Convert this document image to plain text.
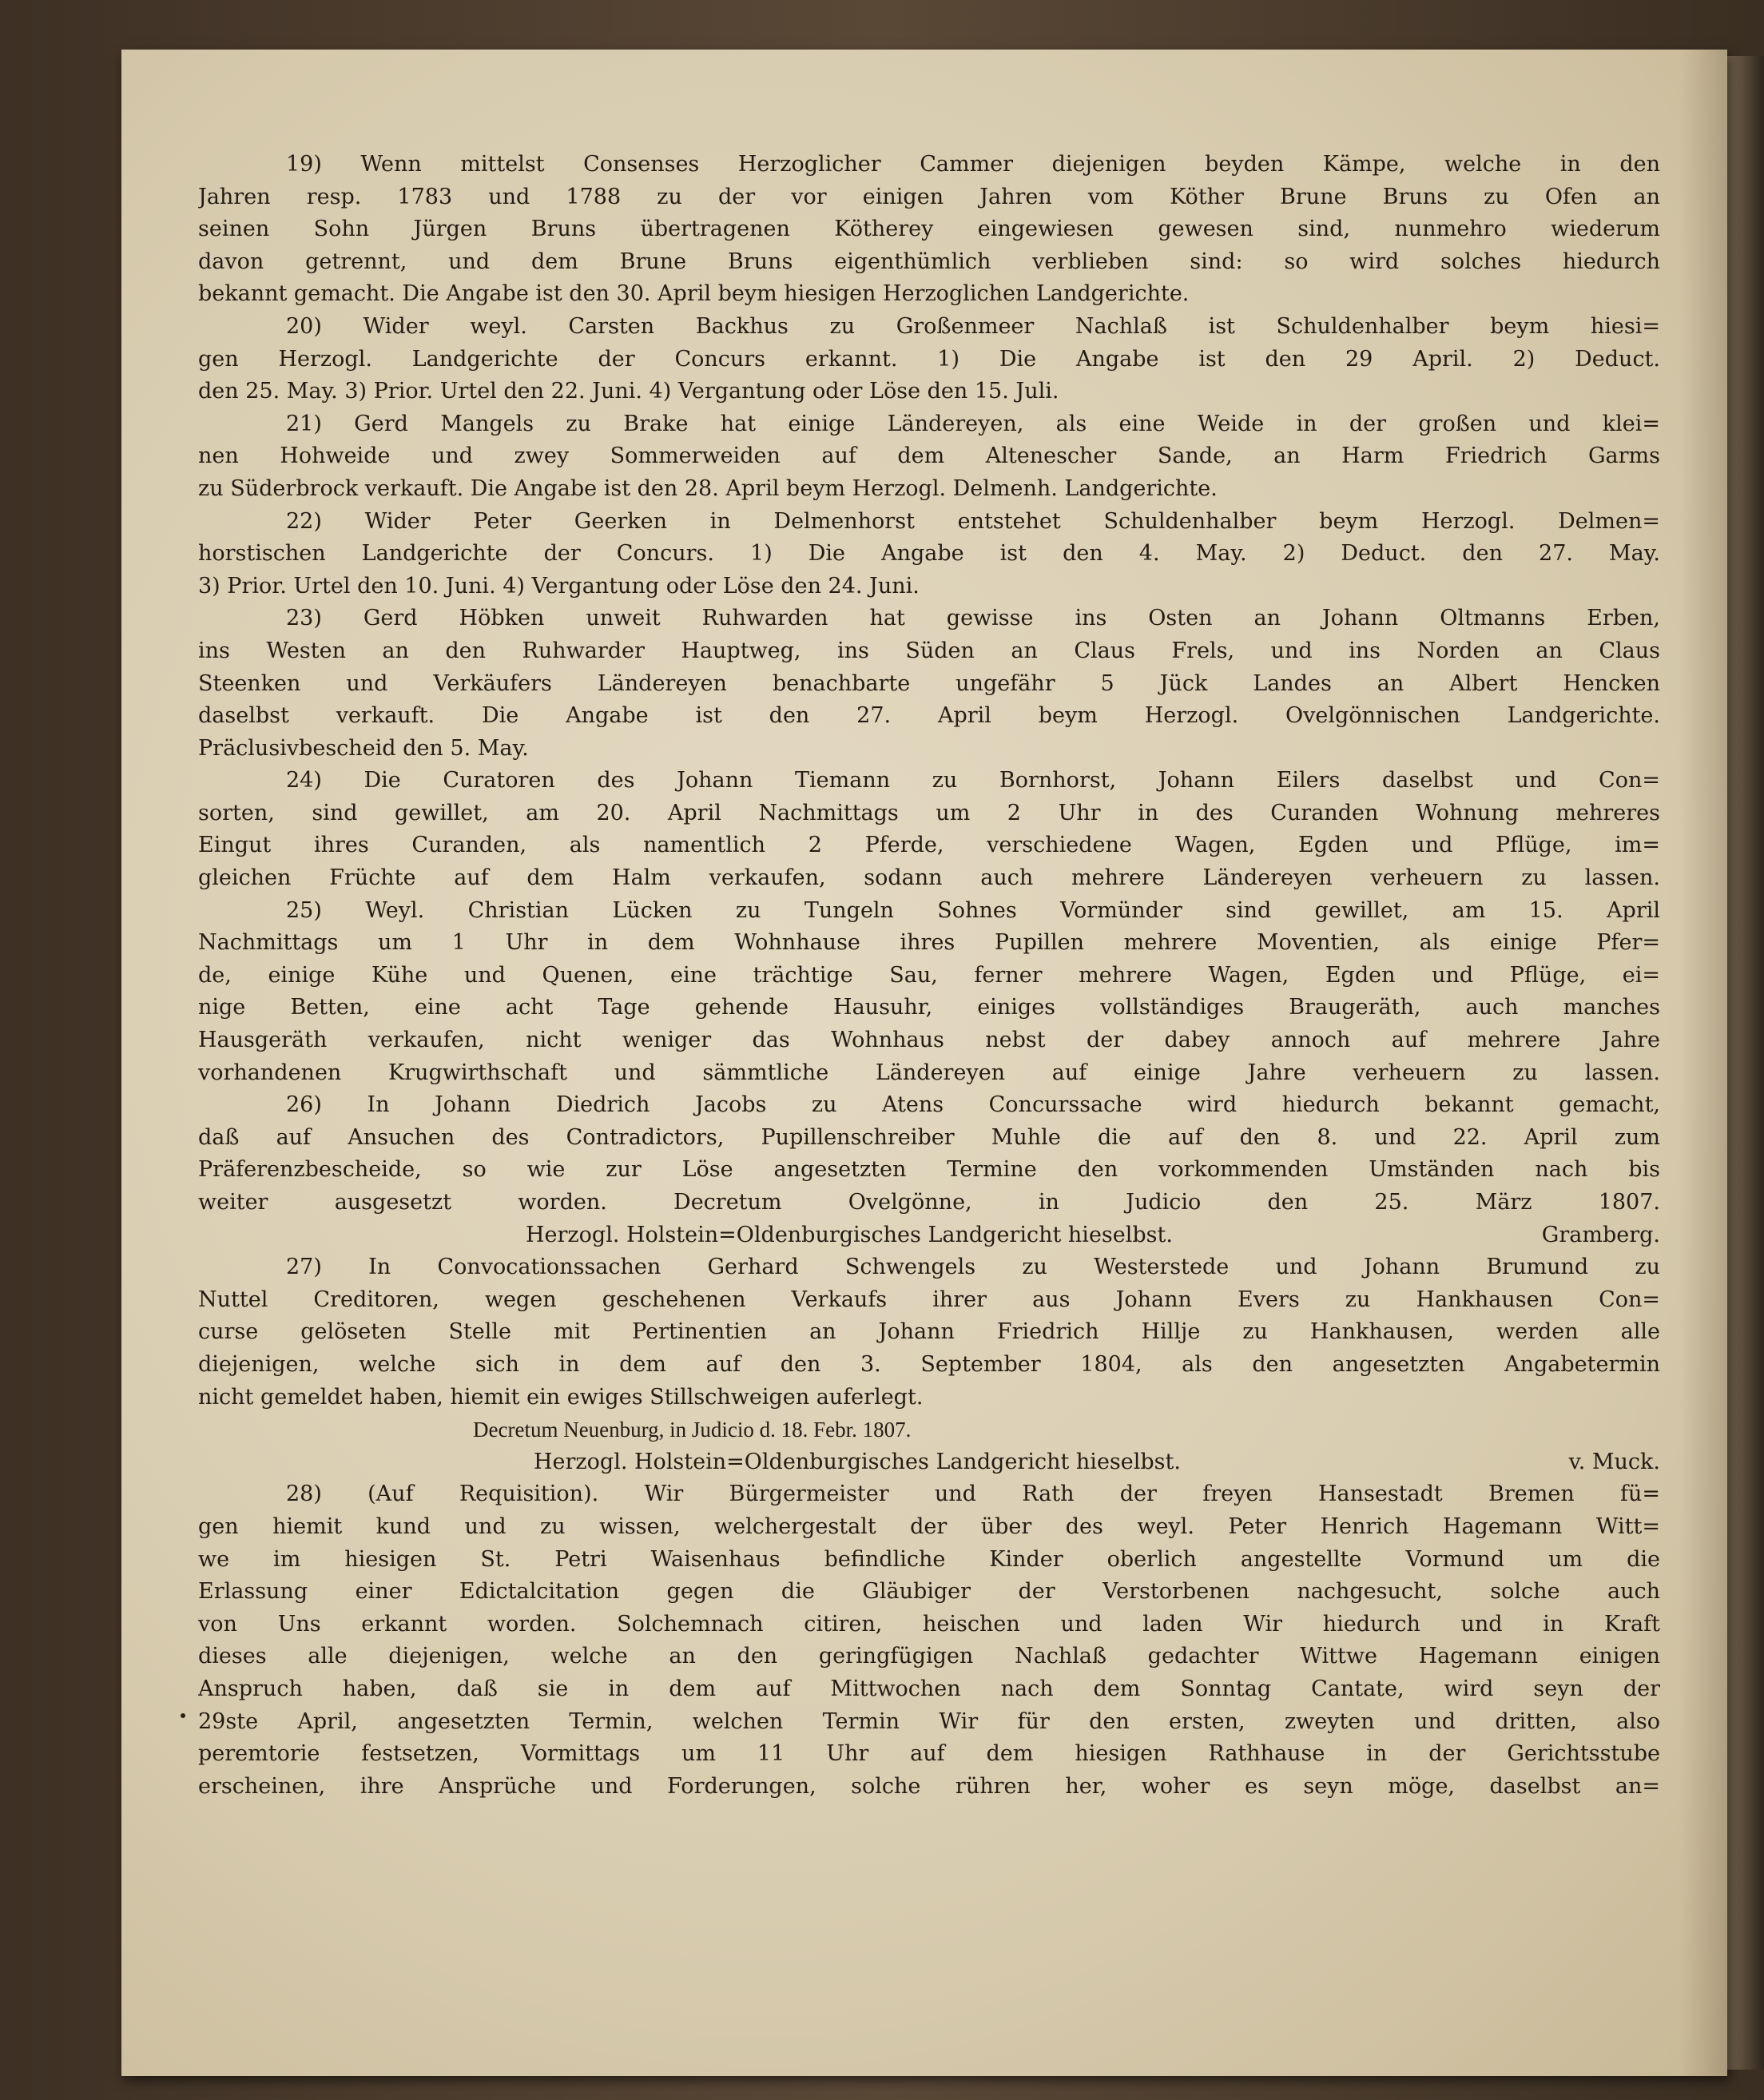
19) Wenn mittelst Consenses Herzoglicher Cammer diejenigen beyden Kämpe, welche in den
Jahren resp. 1783 und 1788 zu der vor einigen Jahren vom Köther Brune Bruns zu Ofen an
seinen Sohn Jürgen Bruns übertragenen Kötherey eingewiesen gewesen sind, nunmehro wiederum
davon getrennt, und dem Brune Bruns eigenthümlich verblieben sind: so wird solches hiedurch
bekannt gemacht. Die Angabe ist den 30. April beym hiesigen Herzoglichen Landgerichte.
20) Wider weyl. Carsten Backhus zu Großenmeer Nachlaß ist Schuldenhalber beym hiesi=
gen Herzogl. Landgerichte der Concurs erkannt. 1) Die Angabe ist den 29 April. 2) Deduct.
den 25. May. 3) Prior. Urtel den 22. Juni. 4) Vergantung oder Löse den 15. Juli.
21) Gerd Mangels zu Brake hat einige Ländereyen, als eine Weide in der großen und klei=
nen Hohweide und zwey Sommerweiden auf dem Altenescher Sande, an Harm Friedrich Garms
zu Süderbrock verkauft. Die Angabe ist den 28. April beym Herzogl. Delmenh. Landgerichte.
22) Wider Peter Geerken in Delmenhorst entstehet Schuldenhalber beym Herzogl. Delmen=
horstischen Landgerichte der Concurs. 1) Die Angabe ist den 4. May. 2) Deduct. den 27. May.
3) Prior. Urtel den 10. Juni. 4) Vergantung oder Löse den 24. Juni.
23) Gerd Höbken unweit Ruhwarden hat gewisse ins Osten an Johann Oltmanns Erben,
ins Westen an den Ruhwarder Hauptweg, ins Süden an Claus Frels, und ins Norden an Claus
Steenken und Verkäufers Ländereyen benachbarte ungefähr 5 Jück Landes an Albert Hencken
daselbst verkauft. Die Angabe ist den 27. April beym Herzogl. Ovelgönnischen Landgerichte.
Präclusivbescheid den 5. May.
24) Die Curatoren des Johann Tiemann zu Bornhorst, Johann Eilers daselbst und Con=
sorten, sind gewillet, am 20. April Nachmittags um 2 Uhr in des Curanden Wohnung mehreres
Eingut ihres Curanden, als namentlich 2 Pferde, verschiedene Wagen, Egden und Pflüge, im=
gleichen Früchte auf dem Halm verkaufen, sodann auch mehrere Ländereyen verheuern zu lassen.
25) Weyl. Christian Lücken zu Tungeln Sohnes Vormünder sind gewillet, am 15. April
Nachmittags um 1 Uhr in dem Wohnhause ihres Pupillen mehrere Moventien, als einige Pfer=
de, einige Kühe und Quenen, eine trächtige Sau, ferner mehrere Wagen, Egden und Pflüge, ei=
nige Betten, eine acht Tage gehende Hausuhr, einiges vollständiges Braugeräth, auch manches
Hausgeräth verkaufen, nicht weniger das Wohnhaus nebst der dabey annoch auf mehrere Jahre
vorhandenen Krugwirthschaft und sämmtliche Ländereyen auf einige Jahre verheuern zu lassen.
26) In Johann Diedrich Jacobs zu Atens Concurssache wird hiedurch bekannt gemacht,
daß auf Ansuchen des Contradictors, Pupillenschreiber Muhle die auf den 8. und 22. April zum
Präferenzbescheide, so wie zur Löse angesetzten Termine den vorkommenden Umständen nach bis
weiter ausgesetzt worden. Decretum Ovelgönne, in Judicio den 25. März 1807.
Herzogl. Holstein=Oldenburgisches Landgericht hieselbst.	Gramberg.
27) In Convocationssachen Gerhard Schwengels zu Westerstede und Johann Brumund zu
Nuttel Creditoren, wegen geschehenen Verkaufs ihrer aus Johann Evers zu Hankhausen Con=
curse gelöseten Stelle mit Pertinentien an Johann Friedrich Hillje zu Hankhausen, werden alle
diejenigen, welche sich in dem auf den 3. September 1804, als den angesetzten Angabetermin
nicht gemeldet haben, hiemit ein ewiges Stillschweigen auferlegt.
Decretum Neuenburg, in Judicio d. 18. Febr. 1807.
Herzogl. Holstein=Oldenburgisches Landgericht hieselbst.	v. Muck.
28) (Auf Requisition). Wir Bürgermeister und Rath der freyen Hansestadt Bremen fü=
gen hiemit kund und zu wissen, welchergestalt der über des weyl. Peter Henrich Hagemann Witt=
we im hiesigen St. Petri Waisenhaus befindliche Kinder oberlich angestellte Vormund um die
Erlassung einer Edictalcitation gegen die Gläubiger der Verstorbenen nachgesucht, solche auch
von Uns erkannt worden. Solchemnach citiren, heischen und laden Wir hiedurch und in Kraft
dieses alle diejenigen, welche an den geringfügigen Nachlaß gedachter Wittwe Hagemann einigen
Anspruch haben, daß sie in dem auf Mittwochen nach dem Sonntag Cantate, wird seyn der
29ste April, angesetzten Termin, welchen Termin Wir für den ersten, zweyten und dritten, also
peremtorie festsetzen, Vormittags um 11 Uhr auf dem hiesigen Rathhause in der Gerichtsstube
erscheinen, ihre Ansprüche und Forderungen, solche rühren her, woher es seyn möge, daselbst an=
